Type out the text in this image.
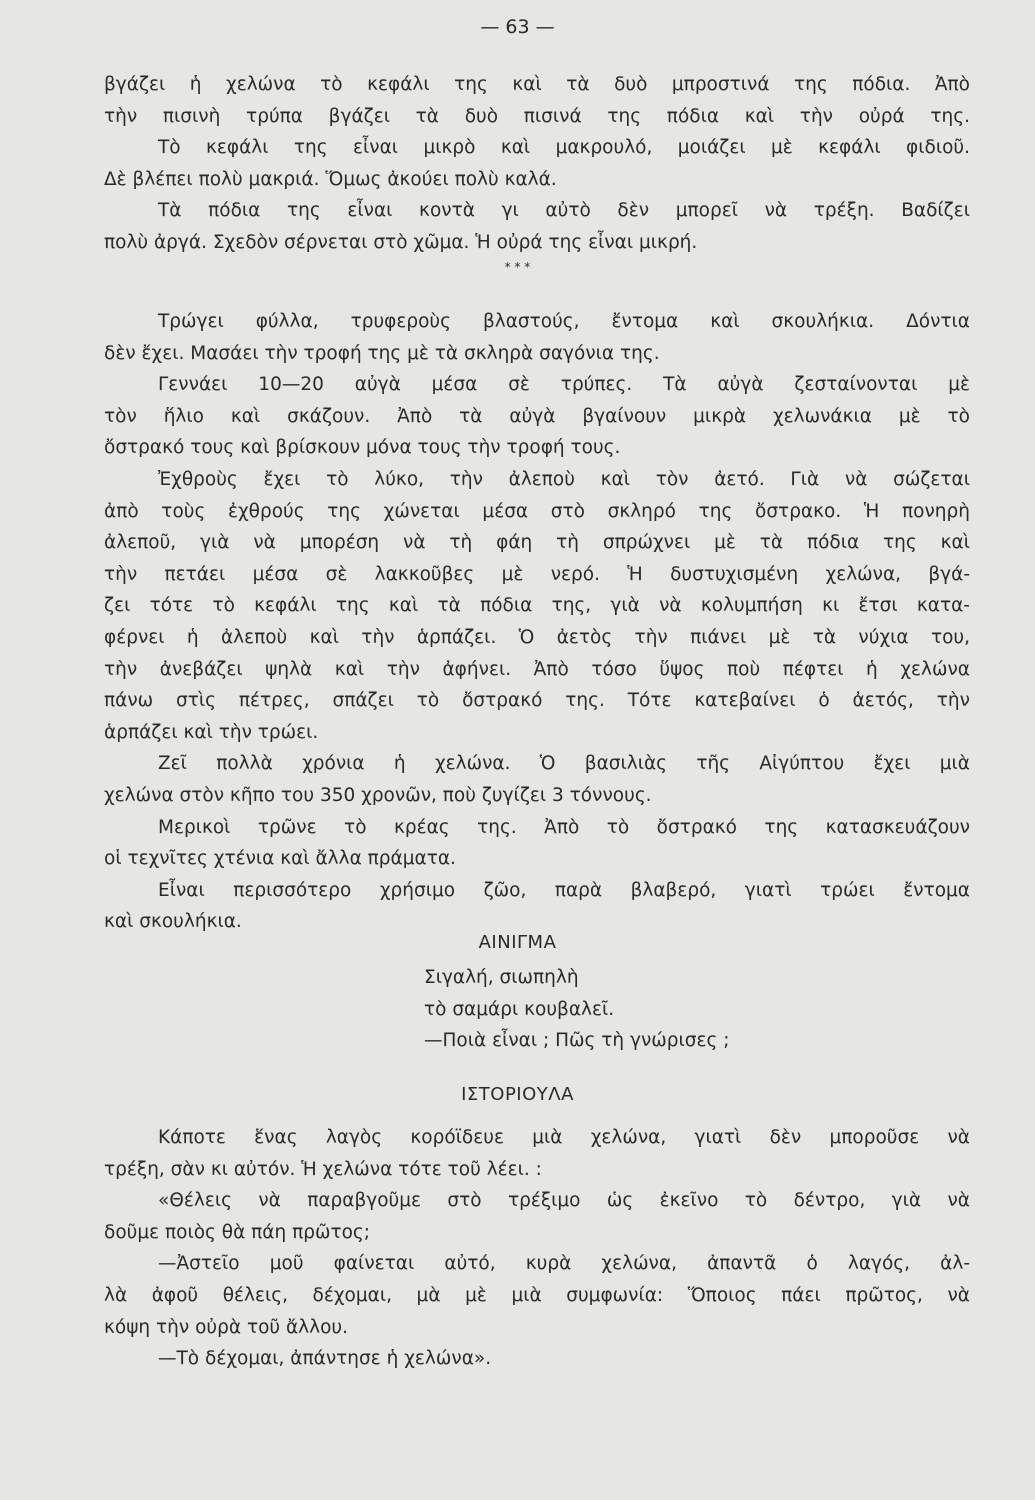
— 63 —
βγάζει ἡ χελώνα τὸ κεφάλι της καὶ τὰ δυὸ μπροστινά της πόδια. Ἀπὸ
τὴν πισινὴ τρύπα βγάζει τὰ δυὸ πισινά της πόδια καὶ τὴν οὐρά της.
Τὸ κεφάλι της εἶναι μικρὸ καὶ μακρουλό, μοιάζει μὲ κεφάλι φιδιοῦ.
Δὲ βλέπει πολὺ μακριά. Ὅμως ἀκούει πολὺ καλά.
Τὰ πόδια της εἶναι κοντὰ γι αὐτὸ δὲν μπορεῖ νὰ τρέξη. Βαδίζει
πολὺ ἀργά. Σχεδὸν σέρνεται στὸ χῶμα. Ἡ οὐρά της εἶναι μικρή.
* * *
Τρώγει φύλλα, τρυφεροὺς βλαστούς, ἔντομα καὶ σκουλήκια. Δόντια
δὲν ἔχει. Μασάει τὴν τροφή της μὲ τὰ σκληρὰ σαγόνια της.
Γεννάει 10—20 αὐγὰ μέσα σὲ τρύπες. Τὰ αὐγὰ ζεσταίνονται μὲ
τὸν ἥλιο καὶ σκάζουν. Ἀπὸ τὰ αὐγὰ βγαίνουν μικρὰ χελωνάκια μὲ τὸ
ὄστρακό τους καὶ βρίσκουν μόνα τους τὴν τροφή τους.
Ἐχθροὺς ἔχει τὸ λύκο, τὴν ἀλεποὺ καὶ τὸν ἀετό. Γιὰ νὰ σώζεται
ἀπὸ τοὺς ἐχθρούς της χώνεται μέσα στὸ σκληρό της ὄστρακο. Ἡ πονηρὴ
ἀλεποῦ, γιὰ νὰ μπορέση νὰ τὴ φάη τὴ σπρώχνει μὲ τὰ πόδια της καὶ
τὴν πετάει μέσα σὲ λακκοῦβες μὲ νερό. Ἡ δυστυχισμένη χελώνα, βγά-
ζει τότε τὸ κεφάλι της καὶ τὰ πόδια της, γιὰ νὰ κολυμπήση κι ἔτσι κατα-
φέρνει ἡ ἀλεποὺ καὶ τὴν ἁρπάζει. Ὁ ἀετὸς τὴν πιάνει μὲ τὰ νύχια του,
τὴν ἀνεβάζει ψηλὰ καὶ τὴν ἀφήνει. Ἀπὸ τόσο ὕψος ποὺ πέφτει ἡ χελώνα
πάνω στὶς πέτρες, σπάζει τὸ ὄστρακό της. Τότε κατεβαίνει ὁ ἀετός, τὴν
ἁρπάζει καὶ τὴν τρώει.
Ζεῖ πολλὰ χρόνια ἡ χελώνα. Ὁ βασιλιὰς τῆς Αἰγύπτου ἔχει μιὰ
χελώνα στὸν κῆπο του 350 χρονῶν, ποὺ ζυγίζει 3 τόννους.
Μερικοὶ τρῶνε τὸ κρέας της. Ἀπὸ τὸ ὄστρακό της κατασκευάζουν
οἱ τεχνῖτες χτένια καὶ ἄλλα πράματα.
Εἶναι περισσότερο χρήσιμο ζῶο, παρὰ βλαβερό, γιατὶ τρώει ἔντομα
καὶ σκουλήκια.
ΑΙΝΙΓΜΑ
Σιγαλή, σιωπηλὴ
τὸ σαμάρι κουβαλεῖ.
—Ποιὰ εἶναι ; Πῶς τὴ γνώρισες ;
ΙΣΤΟΡΙΟΥΛΑ
Κάποτε ἕνας λαγὸς κορόϊδευε μιὰ χελώνα, γιατὶ δὲν μποροῦσε νὰ
τρέξη, σὰν κι αὐτόν. Ἡ χελώνα τότε τοῦ λέει. :
«Θέλεις νὰ παραβγοῦμε στὸ τρέξιμο ὡς ἐκεῖνο τὸ δέντρο, γιὰ νὰ
δοῦμε ποιὸς θὰ πάη πρῶτος;
—Ἀστεῖο μοῦ φαίνεται αὐτό, κυρὰ χελώνα, ἀπαντᾶ ὁ λαγός, ἀλ-
λὰ ἀφοῦ θέλεις, δέχομαι, μὰ μὲ μιὰ συμφωνία: Ὅποιος πάει πρῶτος, νὰ
κόψη τὴν οὐρὰ τοῦ ἄλλου.
—Τὸ δέχομαι, ἀπάντησε ἡ χελώνα».
